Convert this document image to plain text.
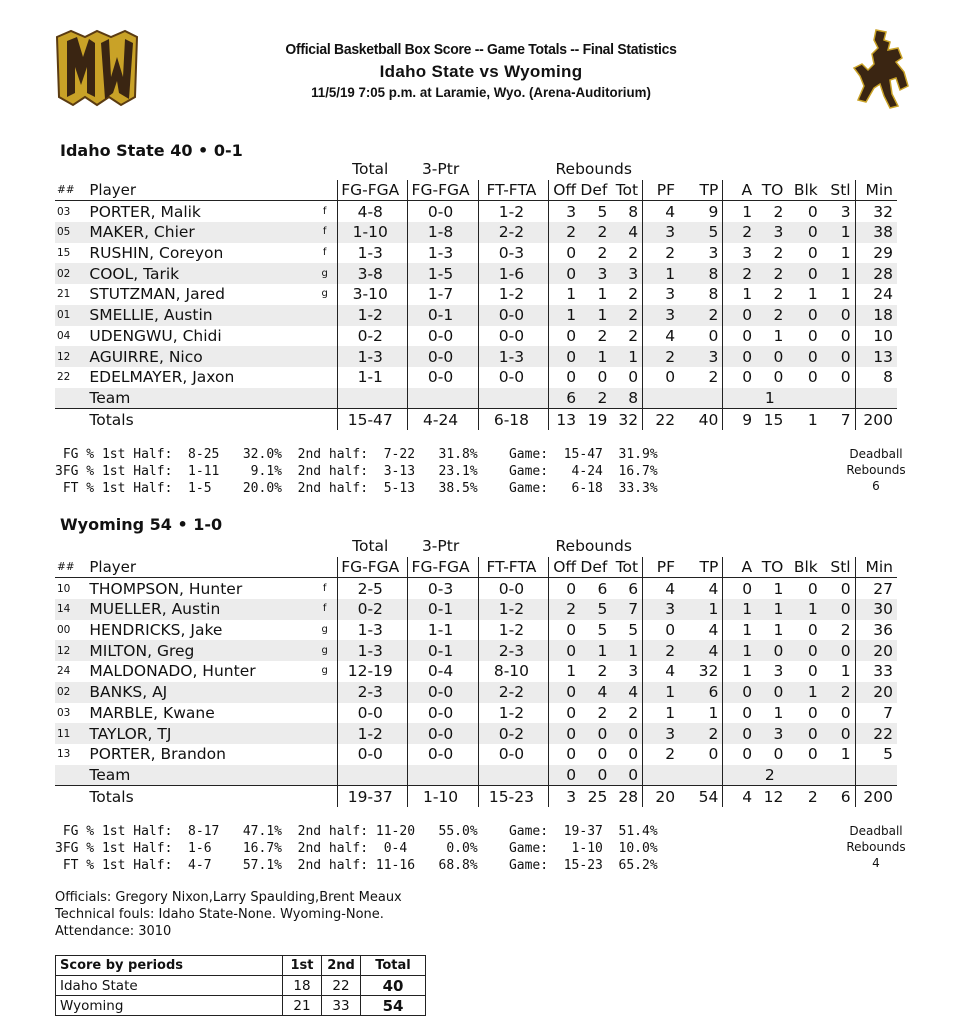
Official Basketball Box Score -- Game Totals -- Final Statistics
Idaho State vs Wyoming
11/5/19 7:05 p.m. at Laramie, Wyo. (Arena-Auditorium)
Idaho State 40 • 0-1
			Total	3-Ptr		Rebounds									
##	Player		FG-FGA	FG-FGA	FT-FTA	Off	Def	Tot	PF	TP	A	TO	Blk	Stl	Min
03	PORTER, Malik	f	4-8	0-0	1-2	3	5	8	4	9	1	2	0	3	32
05	MAKER, Chier	f	1-10	1-8	2-2	2	2	4	3	5	2	3	0	1	38
15	RUSHIN, Coreyon	f	1-3	1-3	0-3	0	2	2	2	3	3	2	0	1	29
02	COOL, Tarik	g	3-8	1-5	1-6	0	3	3	1	8	2	2	0	1	28
21	STUTZMAN, Jared	g	3-10	1-7	1-2	1	1	2	3	8	1	2	1	1	24
01	SMELLIE, Austin		1-2	0-1	0-0	1	1	2	3	2	0	2	0	0	18
04	UDENGWU, Chidi		0-2	0-0	0-0	0	2	2	4	0	0	1	0	0	10
12	AGUIRRE, Nico		1-3	0-0	1-3	0	1	1	2	3	0	0	0	0	13
22	EDELMAYER, Jaxon		1-1	0-0	0-0	0	0	0	0	2	0	0	0	0	8
	Team					6	2	8				1			
	Totals		15-47	4-24	6-18	13	19	32	22	40	9	15	1	7	200
FG % 1st Half:  8-25   32.0%  2nd half:  7-22   31.8%    Game:  15-47  31.9%
3FG % 1st Half:  1-11    9.1%  2nd half:  3-13   23.1%    Game:   4-24  16.7%
FT % 1st Half:  1-5    20.0%  2nd half:  5-13   38.5%    Game:   6-18  33.3%
Deadball
Rebounds
6
Wyoming 54 • 1-0
			Total	3-Ptr		Rebounds									
##	Player		FG-FGA	FG-FGA	FT-FTA	Off	Def	Tot	PF	TP	A	TO	Blk	Stl	Min
10	THOMPSON, Hunter	f	2-5	0-3	0-0	0	6	6	4	4	0	1	0	0	27
14	MUELLER, Austin	f	0-2	0-1	1-2	2	5	7	3	1	1	1	1	0	30
00	HENDRICKS, Jake	g	1-3	1-1	1-2	0	5	5	0	4	1	1	0	2	36
12	MILTON, Greg	g	1-3	0-1	2-3	0	1	1	2	4	1	0	0	0	20
24	MALDONADO, Hunter	g	12-19	0-4	8-10	1	2	3	4	32	1	3	0	1	33
02	BANKS, AJ		2-3	0-0	2-2	0	4	4	1	6	0	0	1	2	20
03	MARBLE, Kwane		0-0	0-0	1-2	0	2	2	1	1	0	1	0	0	7
11	TAYLOR, TJ		1-2	0-0	0-2	0	0	0	3	2	0	3	0	0	22
13	PORTER, Brandon		0-0	0-0	0-0	0	0	0	2	0	0	0	0	1	5
	Team					0	0	0				2			
	Totals		19-37	1-10	15-23	3	25	28	20	54	4	12	2	6	200
FG % 1st Half:  8-17   47.1%  2nd half: 11-20   55.0%    Game:  19-37  51.4%
3FG % 1st Half:  1-6    16.7%  2nd half:  0-4     0.0%    Game:   1-10  10.0%
FT % 1st Half:  4-7    57.1%  2nd half: 11-16   68.8%    Game:  15-23  65.2%
Deadball
Rebounds
4
Officials: Gregory Nixon,Larry Spaulding,Brent Meaux
Technical fouls: Idaho State-None. Wyoming-None.
Attendance: 3010
Score by periods	1st	2nd	Total
Idaho State	18	22	40
Wyoming	21	33	54
